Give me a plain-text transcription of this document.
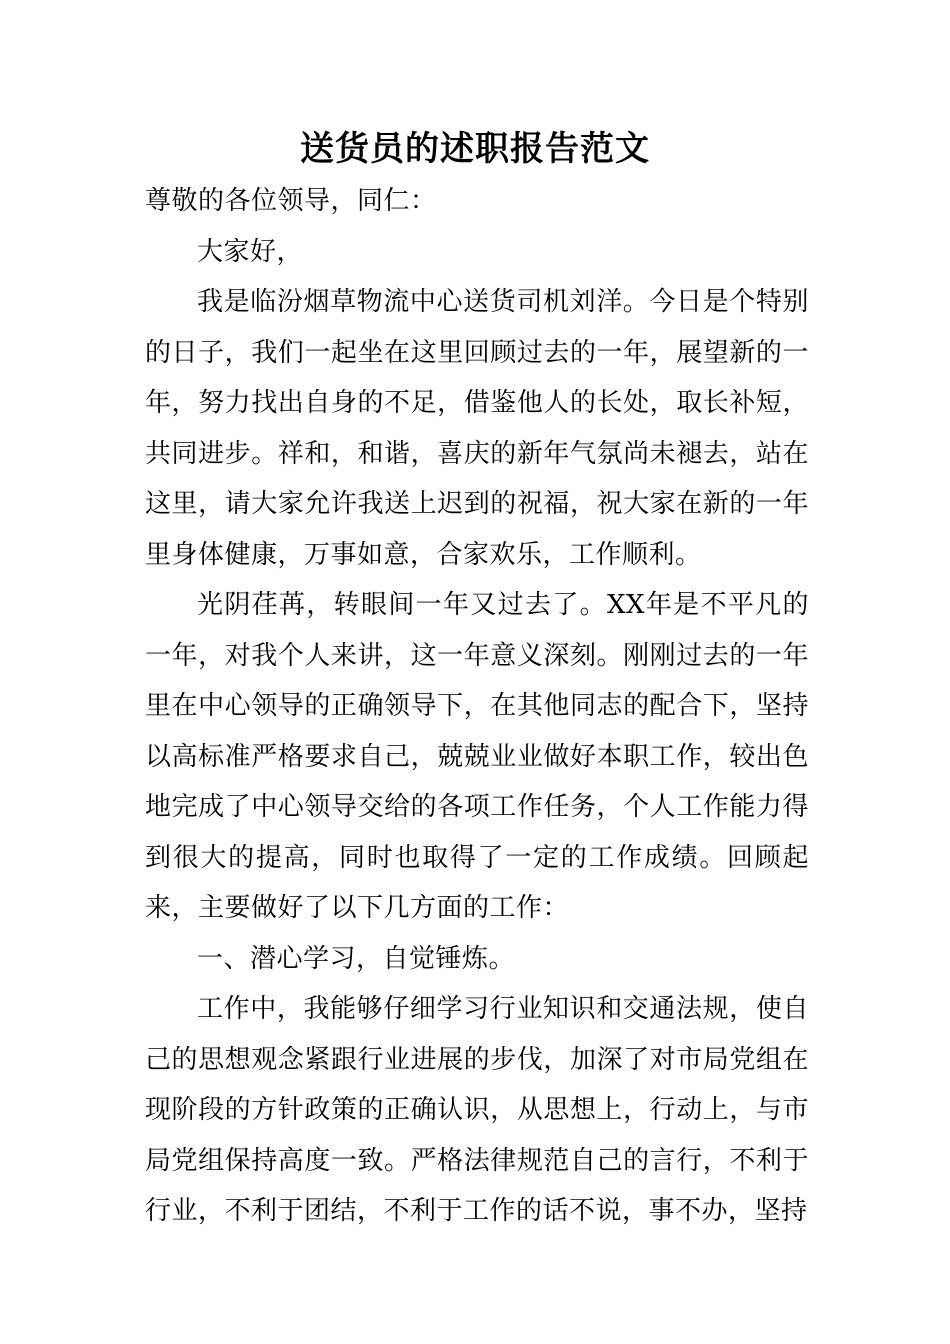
送货员的述职报告范文

尊敬的各位领导，同仁：

大家好，

我是临汾烟草物流中心送货司机刘洋。今日是个特别的日子，我们一起坐在这里回顾过去的一年，展望新的一年，努力找出自身的不足，借鉴他人的长处，取长补短，共同进步。祥和，和谐，喜庆的新年气氛尚未褪去，站在这里，请大家允许我送上迟到的祝福，祝大家在新的一年里身体健康，万事如意，合家欢乐，工作顺利。

光阴荏苒，转眼间一年又过去了。XX年是不平凡的一年，对我个人来讲，这一年意义深刻。刚刚过去的一年里在中心领导的正确领导下，在其他同志的配合下，坚持以高标准严格要求自己，兢兢业业做好本职工作，较出色地完成了中心领导交给的各项工作任务，个人工作能力得到很大的提高，同时也取得了一定的工作成绩。回顾起来，主要做好了以下几方面的工作：

一、潜心学习，自觉锤炼。

工作中，我能够仔细学习行业知识和交通法规，使自己的思想观念紧跟行业进展的步伐，加深了对市局党组在现阶段的方针政策的正确认识，从思想上，行动上，与市局党组保持高度一致。严格法律规范自己的言行，不利于行业，不利于团结，不利于工作的话不说，事不办，坚持
